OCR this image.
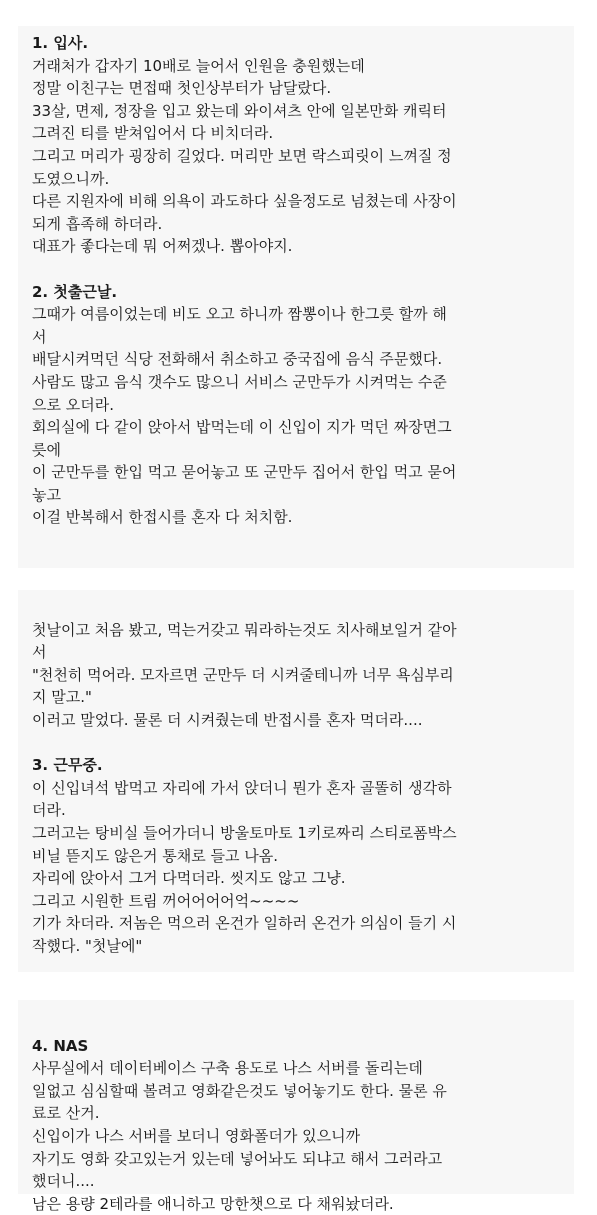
1. 입사.
거래처가 갑자기 10배로 늘어서 인원을 충원했는데
정말 이친구는 면접때 첫인상부터가 남달랐다.
33살, 면제, 정장을 입고 왔는데 와이셔츠 안에 일본만화 캐릭터
그려진 티를 받쳐입어서 다 비치더라.
그리고 머리가 굉장히 길었다. 머리만 보면 락스피릿이 느껴질 정
도였으니까.
다른 지원자에 비해 의욕이 과도하다 싶을정도로 넘쳤는데 사장이
되게 흡족해 하더라.
대표가 좋다는데 뭐 어쩌겠나. 뽑아야지.
2. 첫출근날.
그때가 여름이었는데 비도 오고 하니까 짬뽕이나 한그릇 할까 해
서
배달시켜먹던 식당 전화해서 취소하고 중국집에 음식 주문했다.
사람도 많고 음식 갯수도 많으니 서비스 군만두가 시켜먹는 수준
으로 오더라.
회의실에 다 같이 앉아서 밥먹는데 이 신입이 지가 먹던 짜장면그
릇에
이 군만두를 한입 먹고 묻어놓고 또 군만두 집어서 한입 먹고 묻어
놓고
이걸 반복해서 한접시를 혼자 다 처치함.
첫날이고 처음 봤고, 먹는거갖고 뭐라하는것도 치사해보일거 같아
서
"천천히 먹어라. 모자르면 군만두 더 시켜줄테니까 너무 욕심부리
지 말고."
이러고 말었다. 물론 더 시켜줬는데 반접시를 혼자 먹더라....
3. 근무중.
이 신입녀석 밥먹고 자리에 가서 앉더니 뭔가 혼자 골똘히 생각하
더라.
그러고는 탕비실 들어가더니 방울토마토 1키로짜리 스티로폼박스
비닐 뜯지도 않은거 통채로 들고 나옴.
자리에 앉아서 그거 다먹더라. 씻지도 않고 그냥.
그리고 시원한 트림 꺼어어어어억~~~~
기가 차더라. 저놈은 먹으러 온건가 일하러 온건가 의심이 들기 시
작했다. "첫날에"
4. NAS
사무실에서 데이터베이스 구축 용도로 나스 서버를 돌리는데
일없고 심심할때 볼려고 영화같은것도 넣어놓기도 한다. 물론 유
료로 산거.
신입이가 나스 서버를 보더니 영화폴더가 있으니까
자기도 영화 갖고있는거 있는데 넣어놔도 되냐고 해서 그러라고
했더니....
남은 용량 2테라를 애니하고 망한챗으로 다 채워놨더라.
